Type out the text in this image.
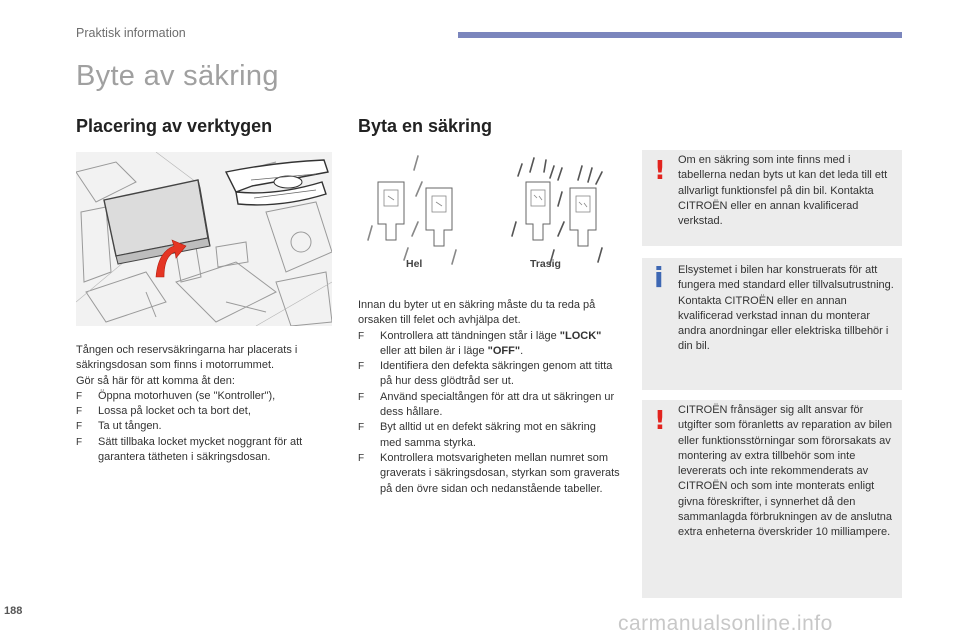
Praktisk information
Byte av säkring
Placering av verktygen	Byta en säkring

Tången och reservsäkringarna har placerats i säkringsdosan som finns i motorrummet.

Gör så här för att komma åt den:

F Öppna motorhuven (se "Kontroller"),

F Lossa på locket och ta bort det,

F Ta ut tången.

F Sätt tillbaka locket mycket noggrant för att garantera tätheten i säkringsdosan.

Hel	Trasig

Innan du byter ut en säkring måste du ta reda på orsaken till felet och avhjälpa det.

F Kontrollera att tändningen står i läge "LOCK" eller att bilen är i läge "OFF".

F Identifiera den defekta säkringen genom att titta på hur dess glödtråd ser ut.

F Använd specialtången för att dra ut säkringen ur dess hållare.

F Byt alltid ut en defekt säkring mot en säkring med samma styrka.

F Kontrollera motsvarigheten mellan numret som graverats i säkringsdosan, styrkan som graverats på den övre sidan och nedanstående tabeller.

! Om en säkring som inte finns med i tabellerna nedan byts ut kan det leda till ett allvarligt funktionsfel på din bil. Kontakta CITROËN eller en annan kvalificerad verkstad.

i Elsystemet i bilen har konstruerats för att fungera med standard eller tillvalsutrustning.

Kontakta CITROËN eller en annan kvalificerad verkstad innan du monterar andra anordningar eller elektriska tillbehör i din bil.

! CITROËN frånsäger sig allt ansvar för utgifter som föranletts av reparation av bilen eller funktionsstörningar som förorsakats av montering av extra tillbehör som inte levererats och inte rekommenderats av CITROËN och som inte monterats enligt givna föreskrifter, i synnerhet då den sammanlagda förbrukningen av de anslutna extra enheterna överskrider 10 milliampere.

188
carmanualsonline.info
